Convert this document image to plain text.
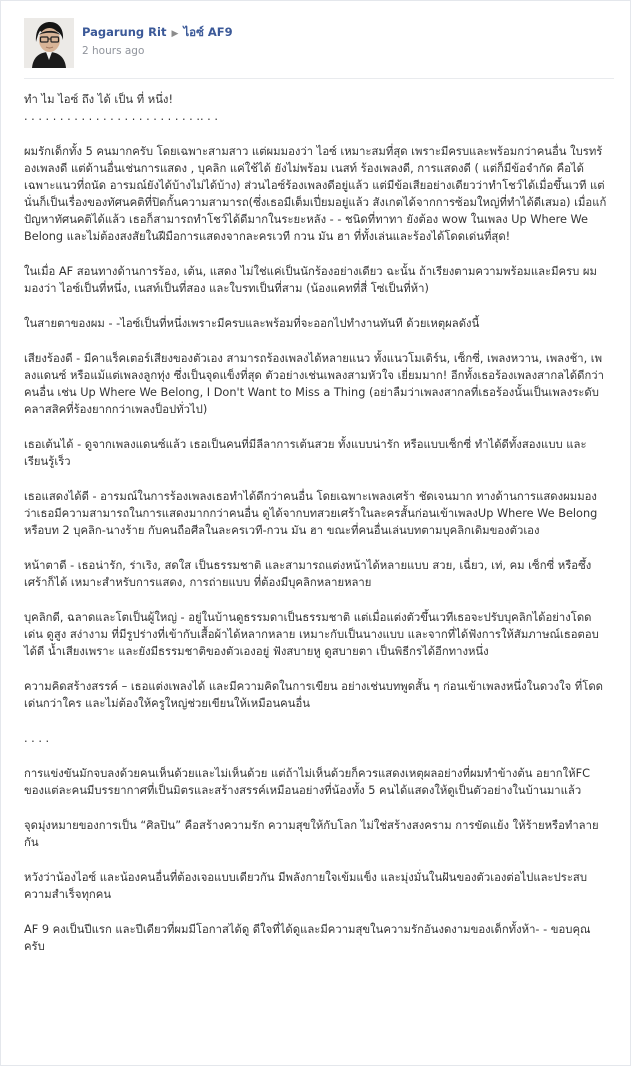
Pagarung Rit ▶ ไอซ์ AF9
2 hours ago

ทำ ไม ไอซ์ ถึง ได้ เป็น ที่ หนึ่ง!

. . . . . . . . . . . . . . . . . . . . . . . . .. . .

ผมรักเด็กทั้ง 5 คนมากครับ โดยเฉพาะสามสาว แต่ผมมองว่า ไอซ์ เหมาะสมที่สุด เพราะมีครบและพร้อมกว่าคนอื่น ใบรทร้องเพลงดี แต่ด้านอื่นเช่นการแสดง , บุคลิก แค่ใช้ได้ ยังไม่พร้อม เนสท์ ร้องเพลงดี, การแสดงดี ( แต่ก็มีข้อจำกัด คือได้เฉพาะแนวที่ถนัด อารมณ์ยังได้บ้างไม่ได้บ้าง) ส่วนไอซ์ร้องเพลงดีอยู่แล้ว แต่มีข้อเสียอย่างเดียวว่าทำโชว์ได้เมื่อขึ้นเวที แต่นั่นก็เป็นเรื่องของทัศนคติที่ปิดกั้นความสามารถ(ซึ่งเธอมีเต็มเปี่ยมอยู่แล้ว สังเกตได้จากการซ้อมใหญ่ที่ทำได้ดีเสมอ) เมื่อแก้ปัญหาทัศนคติได้แล้ว เธอก็สามารถทำโชว์ได้ดีมากในระยะหลัง - - ชนิดที่ทาทา ยังต้อง wow ในเพลง Up Where We Belong และไม่ต้องสงสัยในฝีมือการแสดงจากละครเวที กวน มัน ฮา ที่ทั้งเล่นและร้องได้โดดเด่นที่สุด!

ในเมื่อ AF สอนทางด้านการร้อง, เต้น, แสดง ไม่ใช่แค่เป็นนักร้องอย่างเดียว ฉะนั้น ถ้าเรียงตามความพร้อมและมีครบ ผมมองว่า ไอซ์เป็นที่หนึ่ง, เนสท์เป็นที่สอง และใบรทเป็นที่สาม (น้องแคทที่สี่ โซ่เป็นที่ห้า)

ในสายตาของผม - -ไอซ์เป็นที่หนึ่งเพราะมีครบและพร้อมที่จะออกไปทำงานทันที ด้วยเหตุผลดังนี้

เสียงร้องดี - มีคาแร็คเตอร์เสียงของตัวเอง สามารถร้องเพลงได้หลายแนว ทั้งแนวโมเดิร์น, เซ็กซี่, เพลงหวาน, เพลงช้า, เพลงแดนซ์ หรือแม้แต่เพลงลูกทุ่ง ซึ่งเป็นจุดแข็งที่สุด ตัวอย่างเช่นเพลงสามหัวใจ เยี่ยมมาก! อีกทั้งเธอร้องเพลงสากลได้ดีกว่าคนอื่น เช่น Up Where We Belong, I Don't Want to Miss a Thing (อย่าลืมว่าเพลงสากลที่เธอร้องนั้นเป็นเพลงระดับคลาสสิคที่ร้องยากกว่าเพลงป็อปทั่วไป)

เธอเต้นได้ - ดูจากเพลงแดนซ์แล้ว เธอเป็นคนที่มีลีลาการเต้นสวย ทั้งแบบน่ารัก หรือแบบเซ็กซี่ ทำได้ดีทั้งสองแบบ และเรียนรู้เร็ว

เธอแสดงได้ดี - อารมณ์ในการร้องเพลงเธอทำได้ดีกว่าคนอื่น โดยเฉพาะเพลงเศร้า ชัดเจนมาก ทางด้านการแสดงผมมองว่าเธอมีความสามารถในการแสดงมากกว่าคนอื่น ดูได้จากบทสวยเศร้าในละครสั้นก่อนเข้าเพลงUp Where We Belong หรือบท 2 บุคลิก-นางร้าย กับคนถือศีลในละครเวที-กวน มัน ฮา ขณะที่คนอื่นเล่นบทตามบุคลิกเดิมของตัวเอง

หน้าตาดี - เธอน่ารัก, ร่าเริง, สดใส เป็นธรรมชาติ และสามารถแต่งหน้าได้หลายแบบ สวย, เฉี่ยว, เท่, คม เซ็กซี่ หรือซึ้งเศร้าก็ได้ เหมาะสำหรับการแสดง, การถ่ายแบบ ที่ต้องมีบุคลิกหลายหลาย

บุคลิกดี, ฉลาดและโตเป็นผู้ใหญ่ - อยู่ในบ้านดูธรรมดาเป็นธรรมชาติ แต่เมื่อแต่งตัวขึ้นเวทีเธอจะปรับบุคลิกได้อย่างโดดเด่น ดูสูง สง่างาม ที่มีรูปร่างที่เข้ากับเสื้อผ้าได้หลากหลาย เหมาะกับเป็นนางแบบ และจากที่ได้ฟังการให้สัมภาษณ์เธอตอบได้ดี น้ำเสียงเพราะ และยังมีธรรมชาติของตัวเองอยู่ ฟังสบายหู ดูสบายตา เป็นพิธีกรได้อีกทางหนึ่ง

ความคิดสร้างสรรค์ – เธอแต่งเพลงได้ และมีความคิดในการเขียน อย่างเช่นบทพูดสั้น ๆ ก่อนเข้าเพลงหนึ่งในดวงใจ ที่โดดเด่นกว่าใคร และไม่ต้องให้ครูใหญ่ช่วยเขียนให้เหมือนคนอื่น

. . . .

การแข่งขันมักจบลงด้วยคนเห็นด้วยและไม่เห็นด้วย แต่ถ้าไม่เห็นด้วยก็ควรแสดงเหตุผลอย่างที่ผมทำข้างต้น อยากให้FC ของแต่ละคนมีบรรยากาศที่เป็นมิตรและสร้างสรรค์เหมือนอย่างที่น้องทั้ง 5 คนได้แสดงให้ดูเป็นตัวอย่างในบ้านมาแล้ว

จุดมุ่งหมายของการเป็น “ศิลปิน” คือสร้างความรัก ความสุขให้กับโลก ไม่ใช่สร้างสงคราม การขัดแย้ง ให้ร้ายหรือทำลายกัน

หวังว่าน้องไอซ์ และน้องคนอื่นที่ต้องเจอแบบเดียวกัน มีพลังกายใจเข้มแข็ง และมุ่งมั่นในฝันของตัวเองต่อไปและประสบความสำเร็จทุกคน

AF 9 คงเป็นปีแรก และปีเดียวที่ผมมีโอกาสได้ดู ดีใจที่ได้ดูและมีความสุขในความรักอันงดงามของเด็กทั้งห้า- - ขอบคุณครับ
